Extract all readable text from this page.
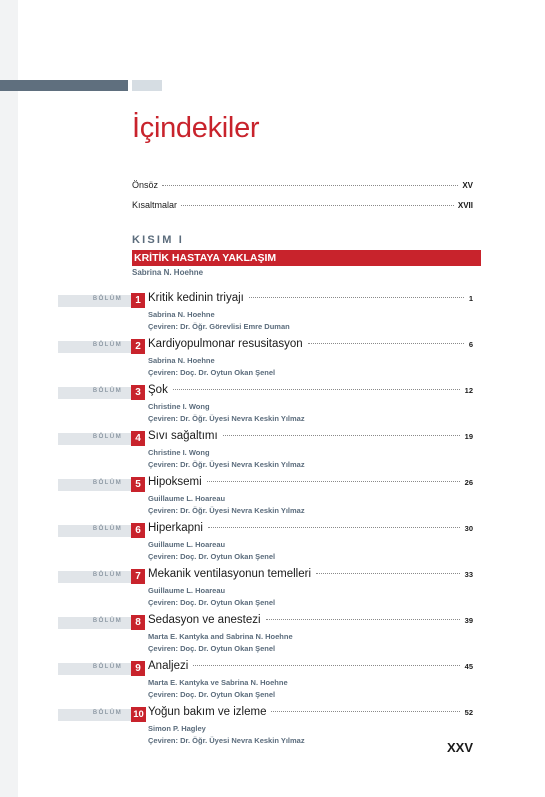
İçindekiler
Önsöz	XV
Kısaltmalar	XVII
KISIM I
KRİTİK HASTAYA YAKLAŞIM
Sabrina N. Hoehne
BÖLÜM	1 Kritik kedinin triyajı	1
Sabrina N. Hoehne
Çeviren: Dr. Öğr. Görevlisi Emre Duman
BÖLÜM	2 Kardiyopulmonar resusitasyon	6
Sabrina N. Hoehne
Çeviren: Doç. Dr. Oytun Okan Şenel
BÖLÜM	3 Şok	12
Christine I. Wong
Çeviren: Dr. Öğr. Üyesi Nevra Keskin Yılmaz
BÖLÜM	4 Sıvı sağaltımı	19
Christine I. Wong
Çeviren: Dr. Öğr. Üyesi Nevra Keskin Yılmaz
BÖLÜM	5 Hipoksemi	26
Guillaume L. Hoareau
Çeviren: Dr. Öğr. Üyesi Nevra Keskin Yılmaz
BÖLÜM	6 Hiperkapni	30
Guillaume L. Hoareau
Çeviren: Doç. Dr. Oytun Okan Şenel
BÖLÜM	7 Mekanik ventilasyonun temelleri	33
Guillaume L. Hoareau
Çeviren: Doç. Dr. Oytun Okan Şenel
BÖLÜM	8 Sedasyon ve anestezi	39
Marta E. Kantyka and Sabrina N. Hoehne
Çeviren: Doç. Dr. Oytun Okan Şenel
BÖLÜM	9 Analjezi	45
Marta E. Kantyka ve Sabrina N. Hoehne
Çeviren: Doç. Dr. Oytun Okan Şenel
BÖLÜM 10 Yoğun bakım ve izleme	52
Simon P. Hagley
Çeviren: Dr. Öğr. Üyesi Nevra Keskin Yılmaz	XXV
